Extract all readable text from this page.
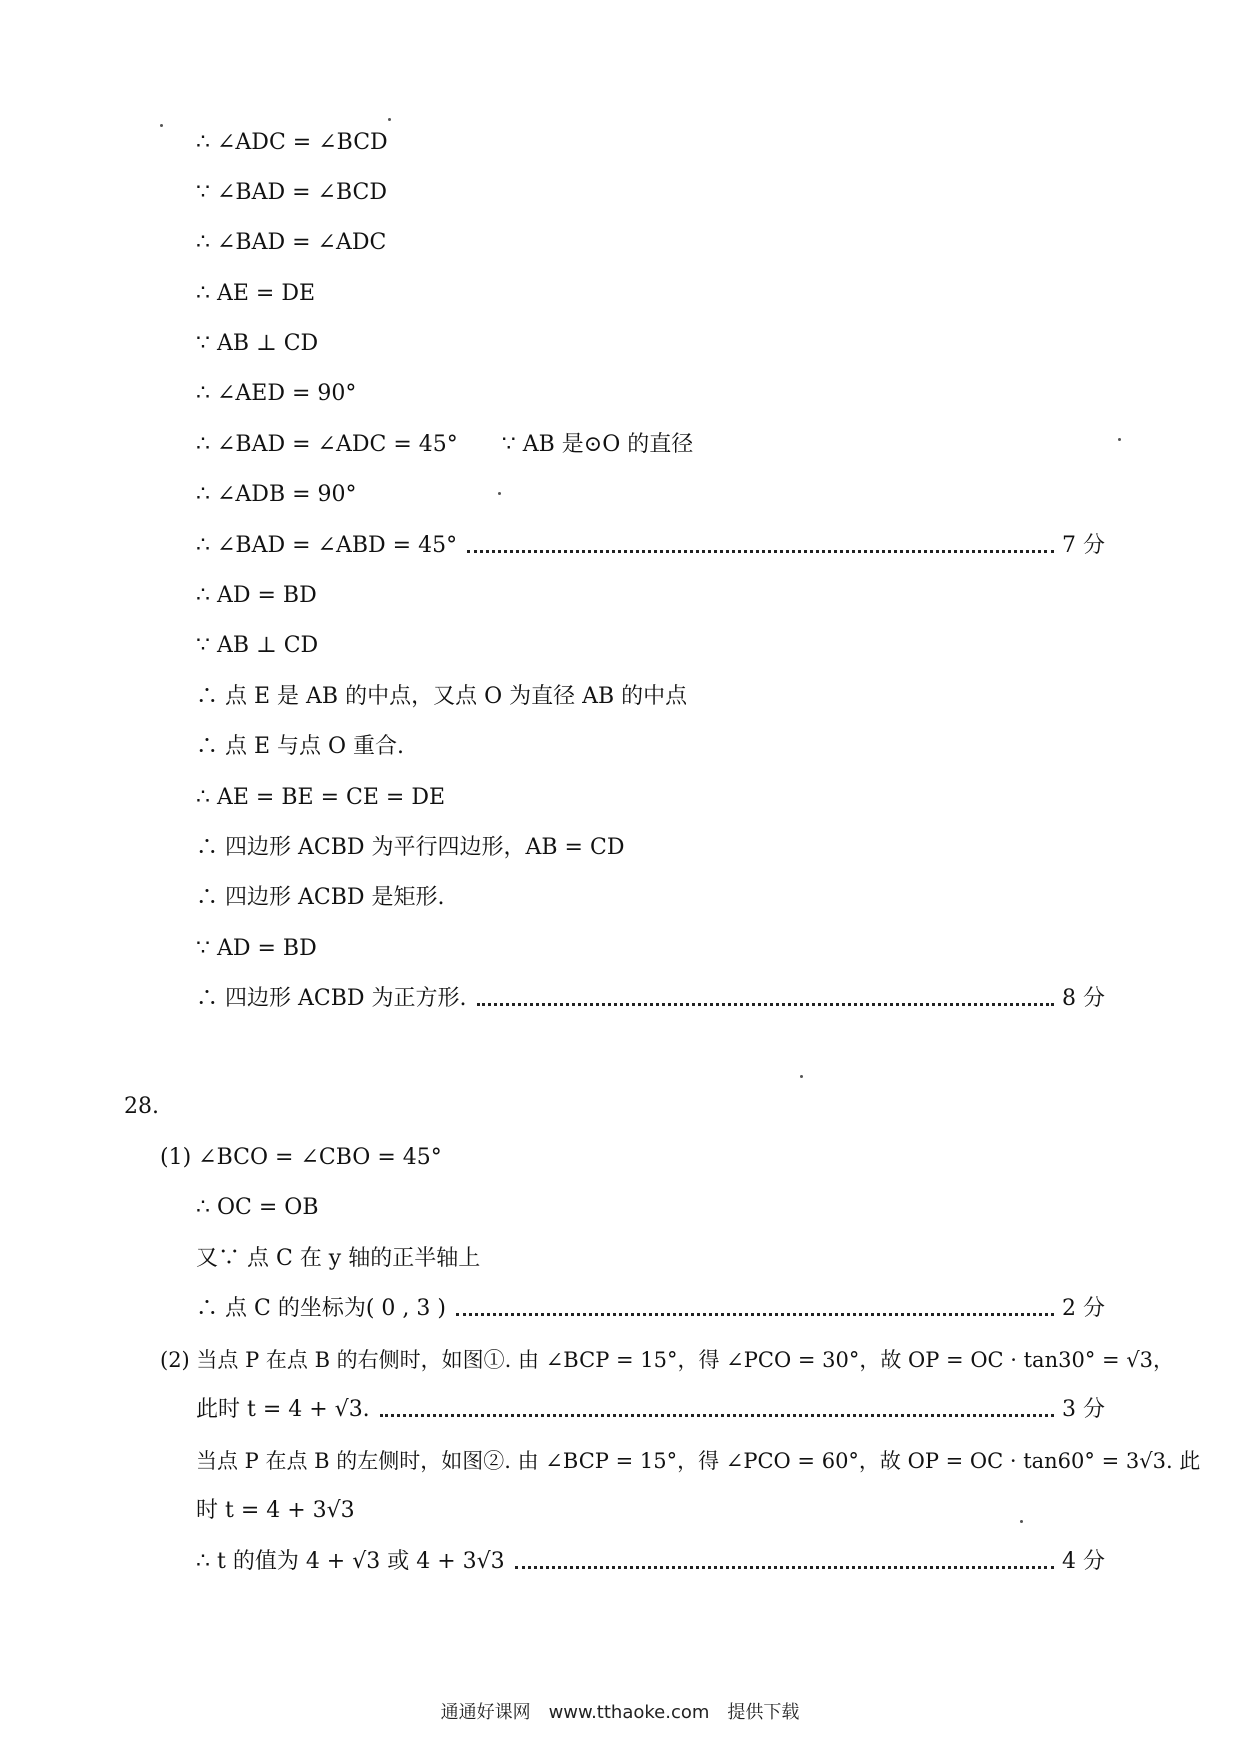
∴ ∠ADC = ∠BCD
∵ ∠BAD = ∠BCD
∴ ∠BAD = ∠ADC
∴ AE = DE
∵ AB ⊥ CD
∴ ∠AED = 90°
∴ ∠BAD = ∠ADC = 45°　　∵ AB 是⊙O 的直径
∴ ∠ADB = 90°
∴ ∠BAD = ∠ABD = 45°	7 分
∴ AD = BD
∵ AB ⊥ CD
∴ 点 E 是 AB 的中点，又点 O 为直径 AB 的中点
∴ 点 E 与点 O 重合.
∴ AE = BE = CE = DE
∴ 四边形 ACBD 为平行四边形，AB = CD
∴ 四边形 ACBD 是矩形.
∵ AD = BD
∴ 四边形 ACBD 为正方形.	8 分
28.
(1) ∠BCO = ∠CBO = 45°
∴ OC = OB
又∵ 点 C 在 y 轴的正半轴上
∴ 点 C 的坐标为( 0 , 3 )	2 分
(2) 当点 P 在点 B 的右侧时，如图①. 由 ∠BCP = 15°，得 ∠PCO = 30°，故 OP = OC · tan30° = √3，
此时 t = 4 + √3.	3 分
当点 P 在点 B 的左侧时，如图②. 由 ∠BCP = 15°，得 ∠PCO = 60°，故 OP = OC · tan60° = 3√3. 此
时 t = 4 + 3√3
∴ t 的值为 4 + √3 或 4 + 3√3	4 分
通通好课网　www.tthaoke.com　提供下载
